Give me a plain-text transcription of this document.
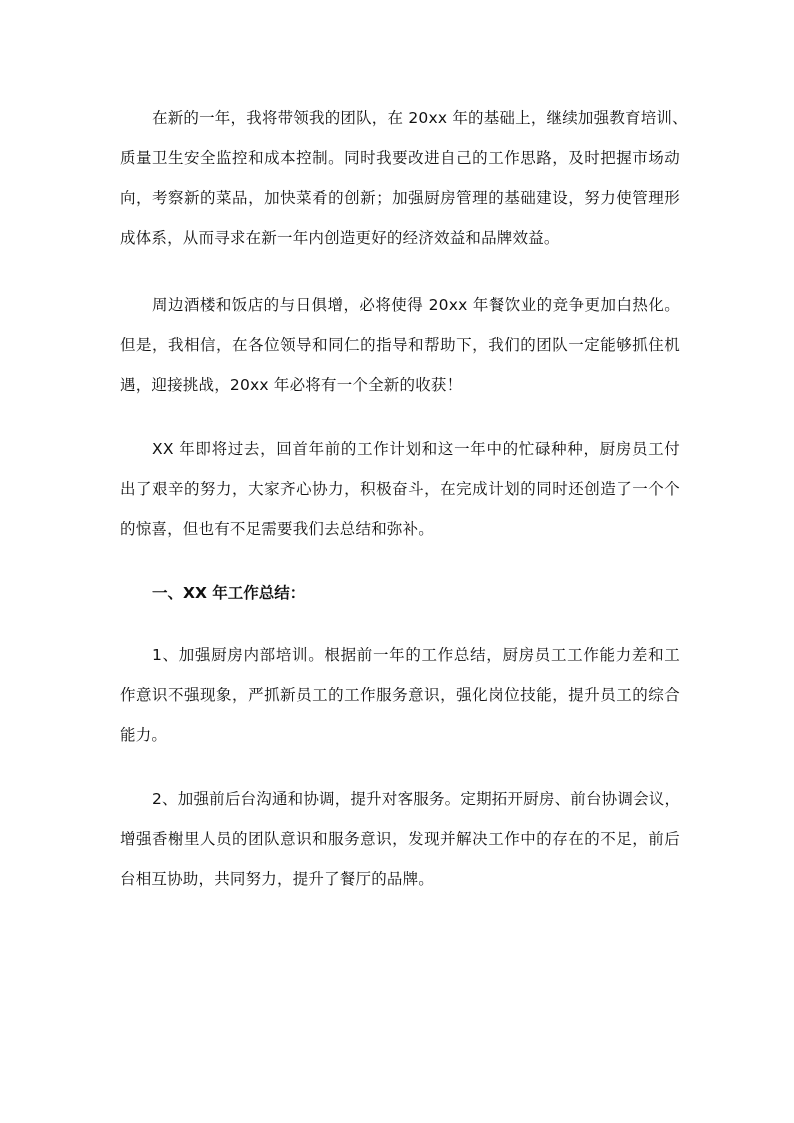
在新的一年，我将带领我的团队，在 20xx 年的基础上，继续加强教育培训、
质量卫生安全监控和成本控制。同时我要改进自己的工作思路，及时把握市场动
向，考察新的菜品，加快菜肴的创新；加强厨房管理的基础建设，努力使管理形
成体系，从而寻求在新一年内创造更好的经济效益和品牌效益。
周边酒楼和饭店的与日俱增，必将使得 20xx 年餐饮业的竞争更加白热化。
但是，我相信，在各位领导和同仁的指导和帮助下，我们的团队一定能够抓住机
遇，迎接挑战，20xx 年必将有一个全新的收获！
XX 年即将过去，回首年前的工作计划和这一年中的忙碌种种，厨房员工付
出了艰辛的努力，大家齐心协力，积极奋斗，在完成计划的同时还创造了一个个
的惊喜，但也有不足需要我们去总结和弥补。
一、XX 年工作总结：
1、加强厨房内部培训。根据前一年的工作总结，厨房员工工作能力差和工
作意识不强现象，严抓新员工的工作服务意识，强化岗位技能，提升员工的综合
能力。
2、加强前后台沟通和协调，提升对客服务。定期拓开厨房、前台协调会议，
增强香榭里人员的团队意识和服务意识，发现并解决工作中的存在的不足，前后
台相互协助，共同努力，提升了餐厅的品牌。
